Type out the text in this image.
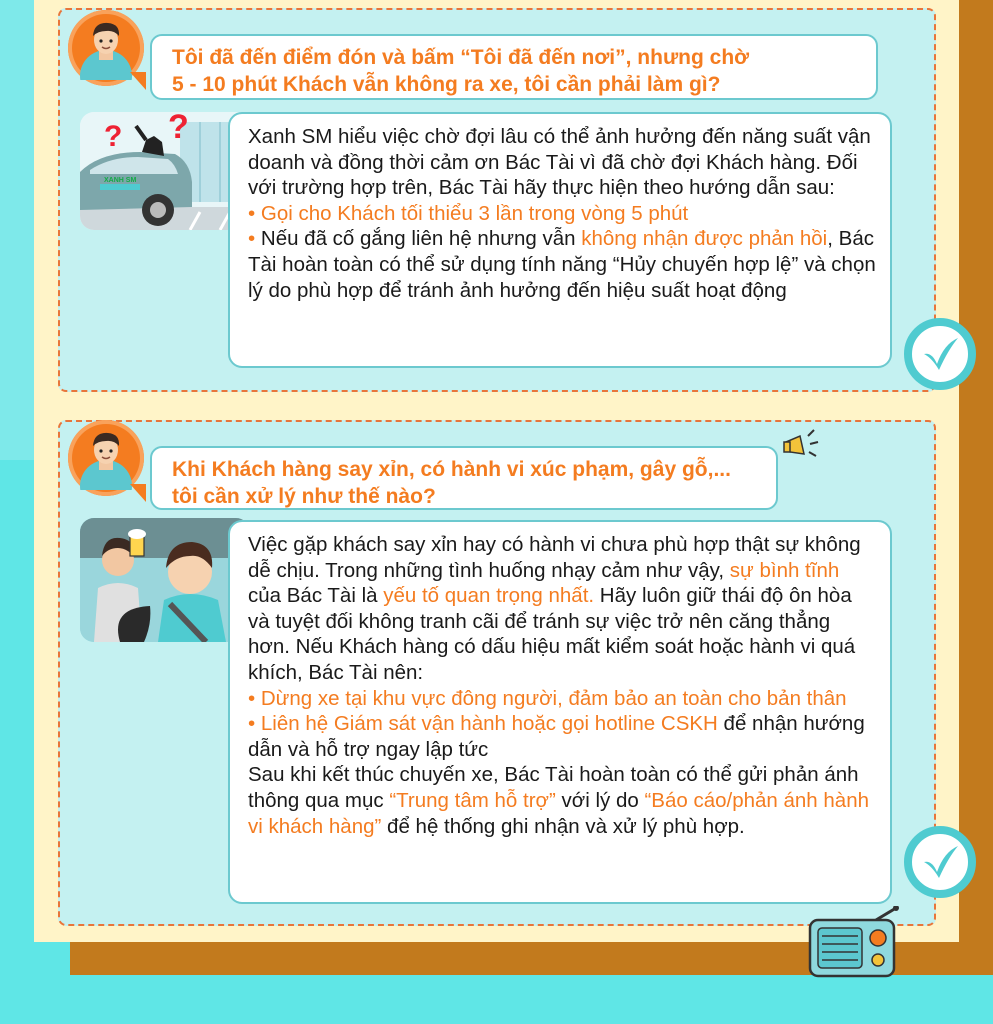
Tôi đã đến điểm đón và bấm “Tôi đã đến nơi”, nhưng chờ
5 - 10 phút Khách vẫn không ra xe, tôi cần phải làm gì?
? ?
XANH SM

Xanh SM hiểu việc chờ đợi lâu có thể ảnh hưởng đến năng suất vận doanh và đồng thời cảm ơn Bác Tài vì đã chờ đợi Khách hàng. Đối với trường hợp trên, Bác Tài hãy thực hiện theo hướng dẫn sau:

• Gọi cho Khách tối thiểu 3 lần trong vòng 5 phút

• Nếu đã cố gắng liên hệ nhưng vẫn không nhận được phản hồi, Bác Tài hoàn toàn có thể sử dụng tính năng “Hủy chuyến hợp lệ” và chọn lý do phù hợp để tránh ảnh hưởng đến hiệu suất hoạt động

Khi Khách hàng say xỉn, có hành vi xúc phạm, gây gỗ,...
tôi cần xử lý như thế nào?

Việc gặp khách say xỉn hay có hành vi chưa phù hợp thật sự không dễ chịu. Trong những tình huống nhạy cảm như vậy, sự bình tĩnh của Bác Tài là yếu tố quan trọng nhất. Hãy luôn giữ thái độ ôn hòa và tuyệt đối không tranh cãi để tránh sự việc trở nên căng thẳng hơn. Nếu Khách hàng có dấu hiệu mất kiểm soát hoặc hành vi quá khích, Bác Tài nên:

• Dừng xe tại khu vực đông người, đảm bảo an toàn cho bản thân

• Liên hệ Giám sát vận hành hoặc gọi hotline CSKH để nhận hướng dẫn và hỗ trợ ngay lập tức

Sau khi kết thúc chuyến xe, Bác Tài hoàn toàn có thể gửi phản ánh thông qua mục “Trung tâm hỗ trợ” với lý do “Báo cáo/phản ánh hành vi khách hàng” để hệ thống ghi nhận và xử lý phù hợp.
